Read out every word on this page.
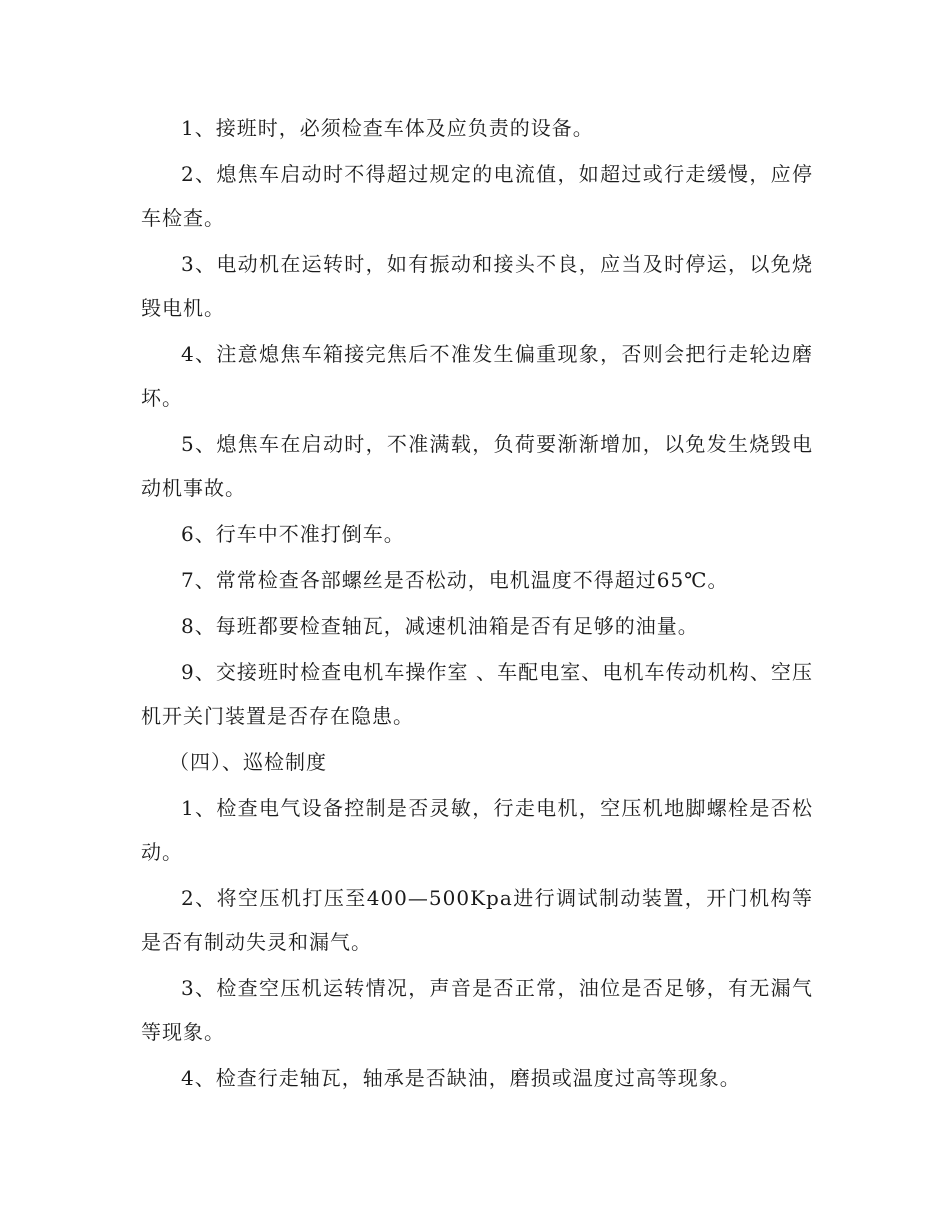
1、接班时，必须检查车体及应负责的设备。

2、熄焦车启动时不得超过规定的电流值，如超过或行走缓慢，应停车检查。

3、电动机在运转时，如有振动和接头不良，应当及时停运，以免烧毁电机。

4、注意熄焦车箱接完焦后不准发生偏重现象，否则会把行走轮边磨坏。

5、熄焦车在启动时，不准满载，负荷要渐渐增加，以免发生烧毁电动机事故。

6、行车中不准打倒车。

7、常常检查各部螺丝是否松动，电机温度不得超过65℃。

8、每班都要检查轴瓦，减速机油箱是否有足够的油量。

9、交接班时检查电机车操作室 、车配电室、电机车传动机构、空压机开关门装置是否存在隐患。

（四）、巡检制度

1、检查电气设备控制是否灵敏，行走电机，空压机地脚螺栓是否松动。

2、将空压机打压至400—500Kpa进行调试制动装置，开门机构等是否有制动失灵和漏气。

3、检查空压机运转情况，声音是否正常，油位是否足够，有无漏气等现象。

4、检查行走轴瓦，轴承是否缺油，磨损或温度过高等现象。
